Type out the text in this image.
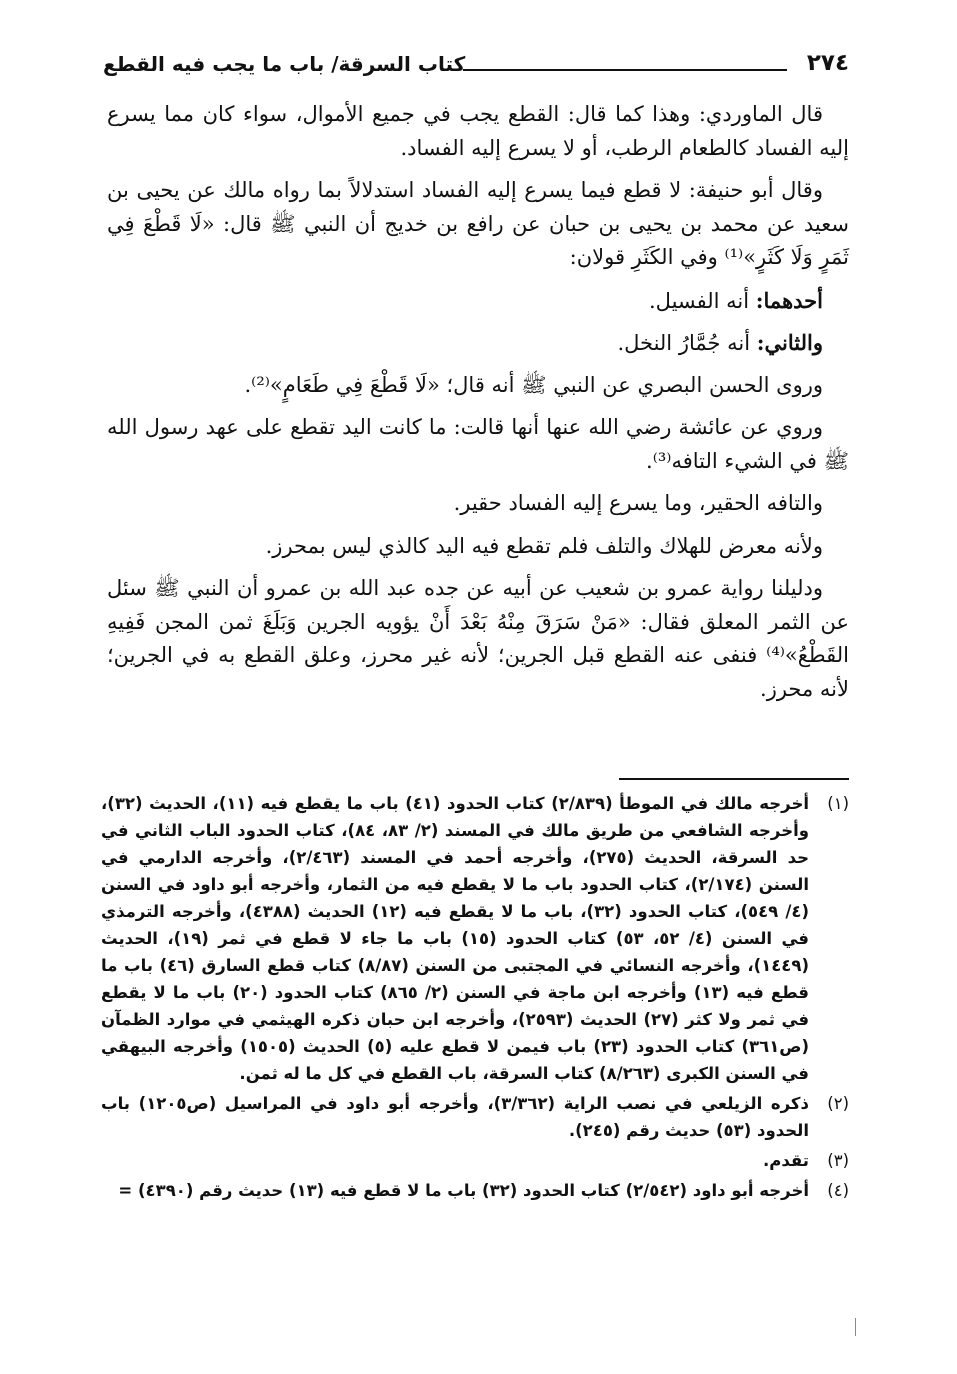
٢٧٤
كتاب السرقة/ باب ما يجب فيه القطع

قال الماوردي: وهذا كما قال: القطع يجب في جميع الأموال، سواء كان مما يسرع إليه الفساد كالطعام الرطب، أو لا يسرع إليه الفساد.

وقال أبو حنيفة: لا قطع فيما يسرع إليه الفساد استدلالاً بما رواه مالك عن يحيى بن سعيد عن محمد بن يحيى بن حبان عن رافع بن خديج أن النبي ﷺ قال: «لَا قَطْعَ فِي ثَمَرٍ وَلَا كَثَرٍ»⁽¹⁾ وفي الكَثَرِ قولان:

أحدهما: أنه الفسيل.

والثاني: أنه جُمَّارُ النخل.

وروى الحسن البصري عن النبي ﷺ أنه قال؛ «لَا قَطْعَ فِي طَعَامٍ»⁽²⁾.

وروي عن عائشة رضي الله عنها أنها قالت: ما كانت اليد تقطع على عهد رسول الله ﷺ في الشيء التافه⁽³⁾.

والتافه الحقير، وما يسرع إليه الفساد حقير.

ولأنه معرض للهلاك والتلف فلم تقطع فيه اليد كالذي ليس بمحرز.

ودليلنا رواية عمرو بن شعيب عن أبيه عن جده عبد الله بن عمرو أن النبي ﷺ سئل عن الثمر المعلق فقال: «مَنْ سَرَقَ مِنْهُ بَعْدَ أَنْ يؤويه الجرين وَبَلَغَ ثمن المجن فَفِيهِ القَطْعُ»⁽⁴⁾ فنفى عنه القطع قبل الجرين؛ لأنه غير محرز، وعلق القطع به في الجرين؛ لأنه محرز.

(١)
أخرجه مالك في الموطأ (٢/٨٣٩) كتاب الحدود (٤١) باب ما يقطع فيه (١١)، الحديث (٣٢)، وأخرجه الشافعي من طريق مالك في المسند (٢/ ٨٣، ٨٤)، كتاب الحدود الباب الثاني في حد السرقة، الحديث (٢٧٥)، وأخرجه أحمد في المسند (٢/٤٦٣)، وأخرجه الدارمي في السنن (٢/١٧٤)، كتاب الحدود باب ما لا يقطع فيه من الثمار، وأخرجه أبو داود في السنن (٤/ ٥٤٩)، كتاب الحدود (٣٢)، باب ما لا يقطع فيه (١٢) الحديث (٤٣٨٨)، وأخرجه الترمذي في السنن (٤/ ٥٢، ٥٣) كتاب الحدود (١٥) باب ما جاء لا قطع في ثمر (١٩)، الحديث (١٤٤٩)، وأخرجه النسائي في المجتبى من السنن (٨/٨٧) كتاب قطع السارق (٤٦) باب ما قطع فيه (١٣) وأخرجه ابن ماجة في السنن (٢/ ٨٦٥) كتاب الحدود (٢٠) باب ما لا يقطع في ثمر ولا كثر (٢٧) الحديث (٢٥٩٣)، وأخرجه ابن حبان ذكره الهيثمي في موارد الظمآن (ص٣٦١) كتاب الحدود (٢٣) باب فيمن لا قطع عليه (٥) الحديث (١٥٠٥) وأخرجه البيهقي في السنن الكبرى (٨/٢٦٣) كتاب السرقة، باب القطع في كل ما له ثمن.
(٢)
ذكره الزيلعي في نصب الراية (٣/٣٦٢)، وأخرجه أبو داود في المراسيل (ص١٢٠٥) باب الحدود (٥٣) حديث رقم (٢٤٥).
(٣)
تقدم.
(٤)
أخرجه أبو داود (٢/٥٤٢) كتاب الحدود (٣٢) باب ما لا قطع فيه (١٣) حديث رقم (٤٣٩٠) =
